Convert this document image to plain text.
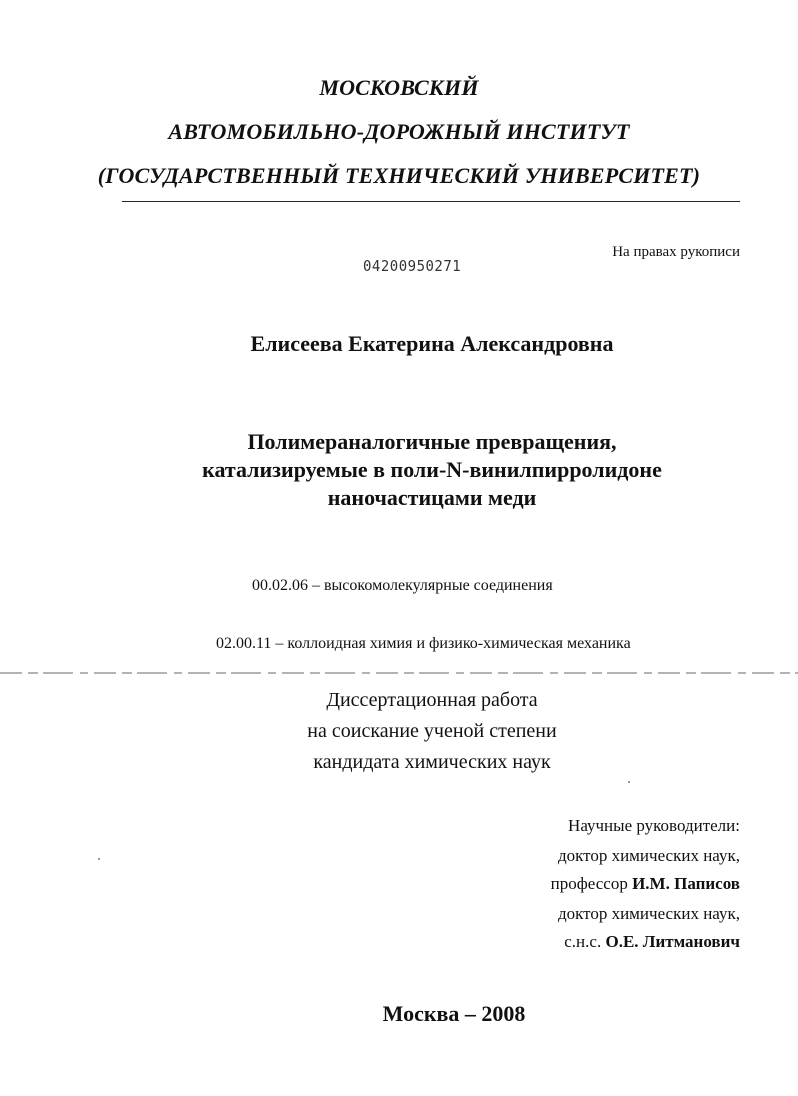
МОСКОВСКИЙ
АВТОМОБИЛЬНО-ДОРОЖНЫЙ ИНСТИТУТ
(ГОСУДАРСТВЕННЫЙ ТЕХНИЧЕСКИЙ УНИВЕРСИТЕТ)
На правах рукописи
04200950271
Елисеева Екатерина Александровна
Полимераналогичные превращения,
катализируемые в поли-N-винилпирролидоне
наночастицами меди
00.02.06 – высокомолекулярные соединения
02.00.11 – коллоидная химия и физико-химическая механика
Диссертационная работа
на соискание ученой степени
кандидата химических наук
Научные руководители:
доктор химических наук,
профессор И.М. Паписов
доктор химических наук,
с.н.с. О.Е. Литманович
Москва – 2008
